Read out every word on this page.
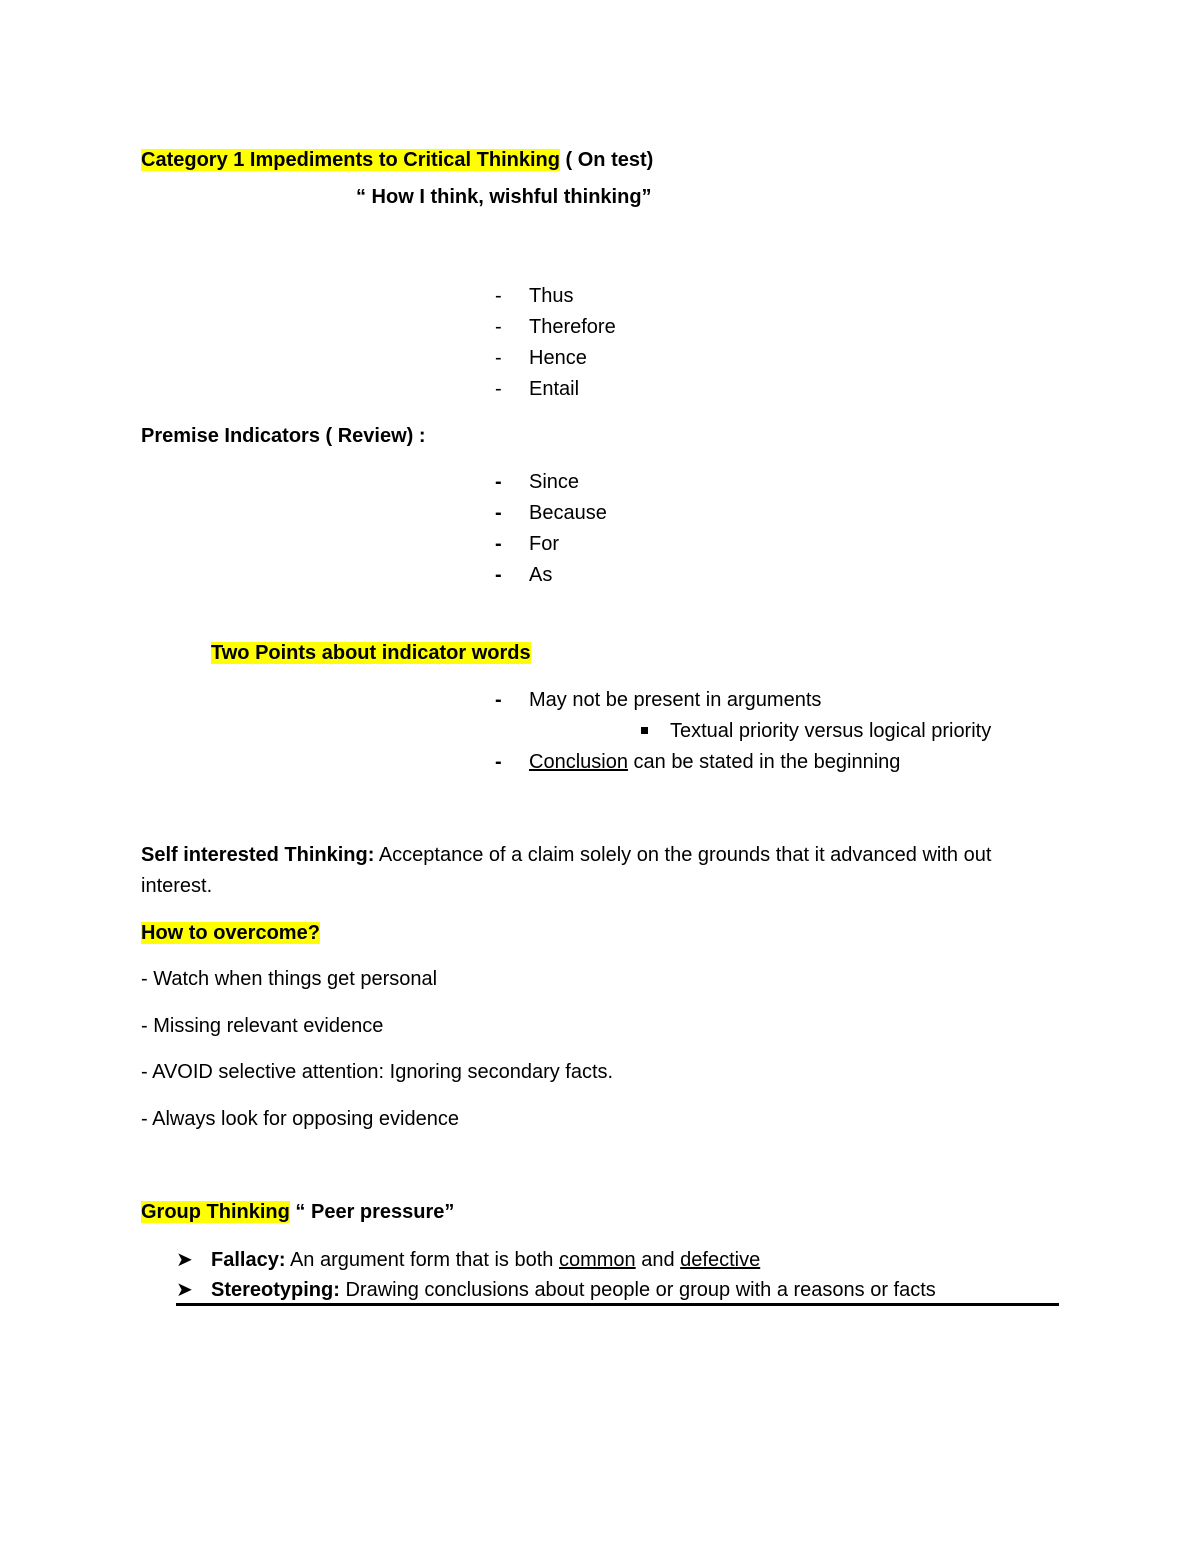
Category 1 Impediments to Critical Thinking ( On test)
“ How I think, wishful thinking”
- Thus
- Therefore
- Hence
- Entail
Premise Indicators ( Review) :
- Since
- Because
- For
- As
Two Points about indicator words
- May not be present in arguments
Textual priority versus logical priority
- Conclusion can be stated in the beginning
Self interested Thinking: Acceptance of a claim solely on the grounds that it advanced with out
interest.
How to overcome?
- Watch when things get personal
- Missing relevant evidence
- AVOID selective attention: Ignoring secondary facts.
- Always look for opposing evidence
Group Thinking “ Peer pressure”
➤ Fallacy: An argument form that is both common and defective
➤ Stereotyping: Drawing conclusions about people or group with a reasons or facts
